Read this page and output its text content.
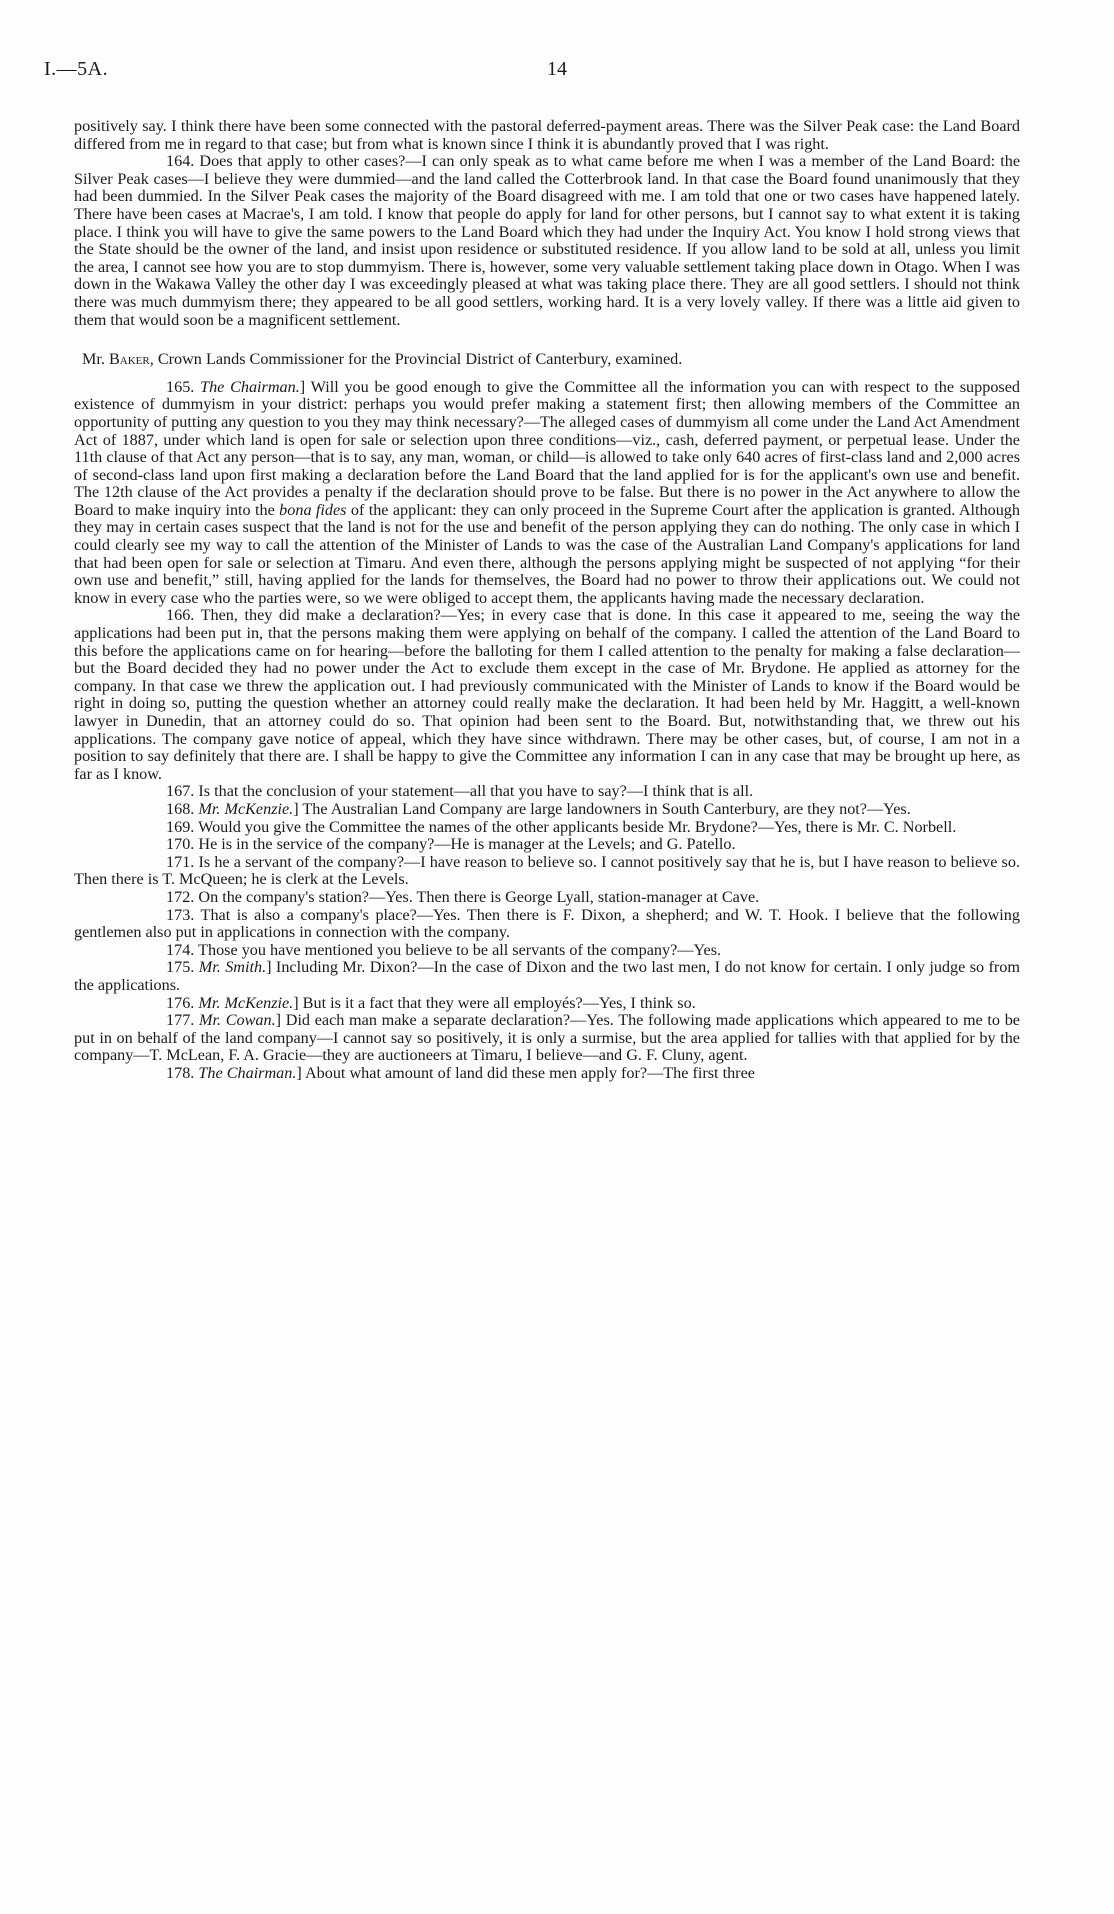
I.—5A.	14

positively say. I think there have been some connected with the pastoral deferred-payment areas. There was the Silver Peak case: the Land Board differed from me in regard to that case; but from what is known since I think it is abundantly proved that I was right.

164. Does that apply to other cases?—I can only speak as to what came before me when I was a member of the Land Board: the Silver Peak cases—I believe they were dummied—and the land called the Cotterbrook land. In that case the Board found unanimously that they had been dummied. In the Silver Peak cases the majority of the Board disagreed with me. I am told that one or two cases have happened lately. There have been cases at Macrae's, I am told. I know that people do apply for land for other persons, but I cannot say to what extent it is taking place. I think you will have to give the same powers to the Land Board which they had under the Inquiry Act. You know I hold strong views that the State should be the owner of the land, and insist upon residence or substituted residence. If you allow land to be sold at all, unless you limit the area, I cannot see how you are to stop dummyism. There is, however, some very valuable settlement taking place down in Otago. When I was down in the Wakawa Valley the other day I was exceedingly pleased at what was taking place there. They are all good settlers. I should not think there was much dummyism there; they appeared to be all good settlers, working hard. It is a very lovely valley. If there was a little aid given to them that would soon be a magnificent settlement.

Mr. Baker, Crown Lands Commissioner for the Provincial District of Canterbury, examined.

165. The Chairman.] Will you be good enough to give the Committee all the information you can with respect to the supposed existence of dummyism in your district: perhaps you would prefer making a statement first; then allowing members of the Committee an opportunity of putting any question to you they may think necessary?—The alleged cases of dummyism all come under the Land Act Amendment Act of 1887, under which land is open for sale or selection upon three conditions—viz., cash, deferred payment, or perpetual lease. Under the 11th clause of that Act any person—that is to say, any man, woman, or child—is allowed to take only 640 acres of first-class land and 2,000 acres of second-class land upon first making a declaration before the Land Board that the land applied for is for the applicant's own use and benefit. The 12th clause of the Act provides a penalty if the declaration should prove to be false. But there is no power in the Act anywhere to allow the Board to make inquiry into the bona fides of the applicant: they can only proceed in the Supreme Court after the application is granted. Although they may in certain cases suspect that the land is not for the use and benefit of the person applying they can do nothing. The only case in which I could clearly see my way to call the attention of the Minister of Lands to was the case of the Australian Land Company's applications for land that had been open for sale or selection at Timaru. And even there, although the persons applying might be suspected of not applying “for their own use and benefit,” still, having applied for the lands for themselves, the Board had no power to throw their applications out. We could not know in every case who the parties were, so we were obliged to accept them, the applicants having made the necessary declaration.

166. Then, they did make a declaration?—Yes; in every case that is done. In this case it appeared to me, seeing the way the applications had been put in, that the persons making them were applying on behalf of the company. I called the attention of the Land Board to this before the applications came on for hearing—before the balloting for them I called attention to the penalty for making a false declaration—but the Board decided they had no power under the Act to exclude them except in the case of Mr. Brydone. He applied as attorney for the company. In that case we threw the application out. I had previously communicated with the Minister of Lands to know if the Board would be right in doing so, putting the question whether an attorney could really make the declaration. It had been held by Mr. Haggitt, a well-known lawyer in Dunedin, that an attorney could do so. That opinion had been sent to the Board. But, notwithstanding that, we threw out his applications. The company gave notice of appeal, which they have since withdrawn. There may be other cases, but, of course, I am not in a position to say definitely that there are. I shall be happy to give the Committee any information I can in any case that may be brought up here, as far as I know.

167. Is that the conclusion of your statement—all that you have to say?—I think that is all.

168. Mr. McKenzie.] The Australian Land Company are large landowners in South Canterbury, are they not?—Yes.

169. Would you give the Committee the names of the other applicants beside Mr. Brydone?—Yes, there is Mr. C. Norbell.

170. He is in the service of the company?—He is manager at the Levels; and G. Patello.

171. Is he a servant of the company?—I have reason to believe so. I cannot positively say that he is, but I have reason to believe so. Then there is T. McQueen; he is clerk at the Levels.

172. On the company's station?—Yes. Then there is George Lyall, station-manager at Cave.

173. That is also a company's place?—Yes. Then there is F. Dixon, a shepherd; and W. T. Hook. I believe that the following gentlemen also put in applications in connection with the company.

174. Those you have mentioned you believe to be all servants of the company?—Yes.

175. Mr. Smith.] Including Mr. Dixon?—In the case of Dixon and the two last men, I do not know for certain. I only judge so from the applications.

176. Mr. McKenzie.] But is it a fact that they were all employés?—Yes, I think so.

177. Mr. Cowan.] Did each man make a separate declaration?—Yes. The following made applications which appeared to me to be put in on behalf of the land company—I cannot say so positively, it is only a surmise, but the area applied for tallies with that applied for by the company—T. McLean, F. A. Gracie—they are auctioneers at Timaru, I believe—and G. F. Cluny, agent.

178. The Chairman.] About what amount of land did these men apply for?—The first three
